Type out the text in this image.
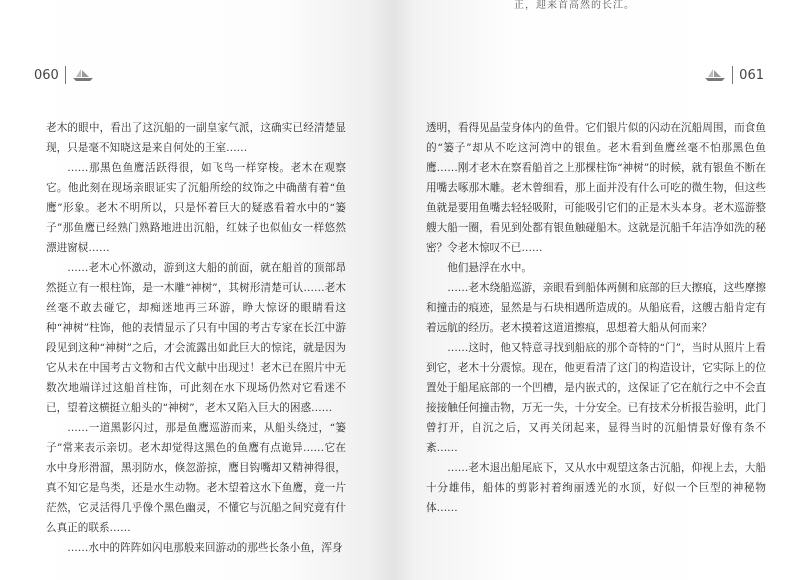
060

老木的眼中，看出了这沉船的一副皇家气派，这确实已经清楚显现，只是毫不知晓这是来自何处的王室……

……那黑色鱼鹰活跃得很，如飞鸟一样穿梭。老木在观察它。他此刻在现场亲眼证实了沉船所绘的纹饰之中确凿有着“鱼鹰”形象。老木不明所以，只是怀着巨大的疑惑看着水中的“篓子”那鱼鹰已经熟门熟路地进出沉船，红妹子也似仙女一样悠然漂进窗棂……

……老木心怀激动，游到这大船的前面，就在船首的顶部昂然挺立有一根柱饰，是一木雕“神树”，其树形清楚可认……老木丝毫不敢去碰它，却痴迷地再三环游，睁大惊讶的眼睛看这种“神树”柱饰，他的表情显示了只有中国的考古专家在长江中游段见到这种“神树”之后，才会流露出如此巨大的惊诧，就是因为它从未在中国考古文物和古代文献中出现过！老木已在照片中无数次地端详过这船首柱饰，可此刻在水下现场仍然对它看迷不已，望着这横挺立船头的“神树”，老木又陷入巨大的困惑……

……一道黑影闪过，那是鱼鹰巡游而来，从船头绕过，“篓子”常来表示亲切。老木却觉得这黑色的鱼鹰有点诡异……它在水中身形滑溜，黑羽防水，倏忽游掠，鹰目钩嘴却又精神得很，真不知它是鸟类，还是水生动物。老木望着这水下鱼鹰，竟一片茫然，它灵活得几乎像个黑色幽灵，不懂它与沉船之间究竟有什么真正的联系……

……水中的阵阵如闪电那般来回游动的那些长条小鱼，浑身

正，迎来首高然的长江。
061

透明，看得见晶莹身体内的鱼骨。它们银片似的闪动在沉船周围，而食鱼的“篓子”却从不吃这河湾中的银鱼。老木看到鱼鹰丝毫不怕那黑色鱼鹰……刚才老木在察看船首之上那棵柱饰“神树”的时候，就有银鱼不断在用嘴去啄那木雕。老木曾细看，那上面并没有什么可吃的微生物，但这些鱼就是要用鱼嘴去轻轻吸附，可能吸引它们的正是木头本身。老木巡游整艘大船一圈，看见到处都有银鱼触碰船木。这就是沉船千年洁净如洗的秘密？令老木惊叹不已……

他们悬浮在水中。

……老木绕船巡游，亲眼看到船体两侧和底部的巨大擦痕，这些摩擦和撞击的痕迹，显然是与石块相遇所造成的。从船底看，这艘古船肯定有着远航的经历。老木摸着这道道擦痕，思想着大船从何而来？

……这时，他又特意寻找到船底的那个奇特的“门”，当时从照片上看到它，老木十分震惊。现在，他更看清了这门的构造设计，它实际上的位置处于船尾底部的一个凹槽，是内嵌式的，这保证了它在航行之中不会直接接触任何撞击物，万无一失，十分安全。已有技术分析报告验明，此门曾打开，自沉之后，又再关闭起来，显得当时的沉船情景好像有条不紊……

……老木退出船尾底下，又从水中观望这条古沉船，仰视上去，大船十分雄伟，船体的剪影衬着绚丽透光的水顶，好似一个巨型的神秘物体……
